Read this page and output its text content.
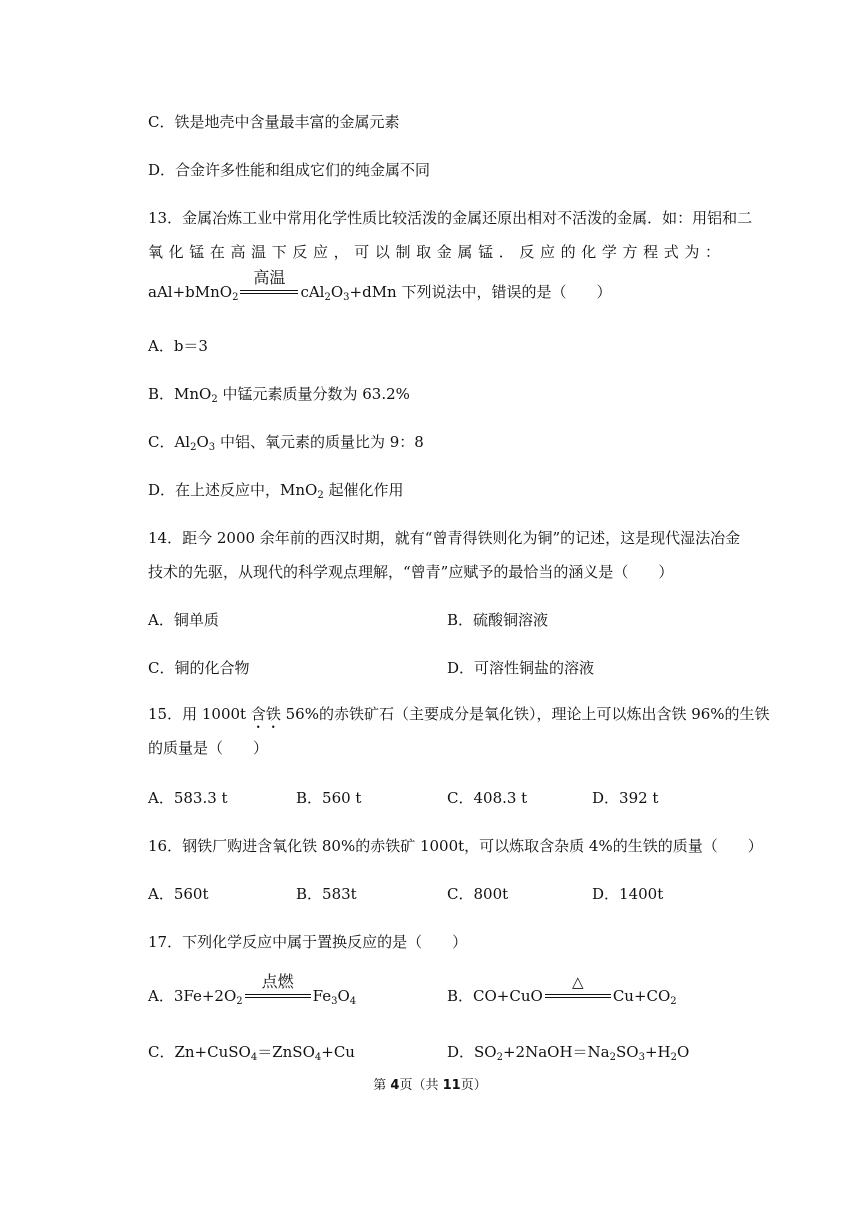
C．铁是地壳中含量最丰富的金属元素
D．合金许多性能和组成它们的纯金属不同
13．金属冶炼工业中常用化学性质比较活泼的金属还原出相对不活泼的金属．如：用铝和二
氧化锰在高温下反应，可以制取金属锰．反应的化学方程式为：
aAl+bMnO$_2$
高温
$cAl_2O_3+dMn$ 下列说法中，错误的是（　　）
A．b＝3
B．MnO$_2$ 中锰元素质量分数为 63.2%
C．$Al_2O_3$ 中铝、氧元素的质量比为 9：8
D．在上述反应中，MnO$_2$ 起催化作用
14．距今 2000 余年前的西汉时期，就有“曾青得铁则化为铜”的记述，这是现代湿法冶金
技术的先驱，从现代的科学观点理解，“曾青”应赋予的最恰当的涵义是（　　）
A．铜单质	B．硫酸铜溶液
C．铜的化合物	D．可溶性铜盐的溶液
15．用 1000t 含铁 56%的赤铁矿石（主要成分是氧化铁），理论上可以炼出含铁 96%的生铁
的质量是（　　）
A．583.3 t	B．560 t	C．408.3 t	D．392 t
16．钢铁厂购进含氧化铁 80%的赤铁矿 1000t，可以炼取含杂质 4%的生铁的质量（　　）
A．560t	B．583t	C．800t	D．1400t
17．下列化学反应中属于置换反应的是（　　）
A．$3Fe+2O_2$
点燃
$Fe_3O_4$	B．CO+CuO
△
$Cu+CO_2$
C．Zn+CuSO$_4$＝ZnSO$_4$+Cu	D．$SO_2+2NaOH=Na_2SO_3+H_2O$
第 4页（共 11页）
